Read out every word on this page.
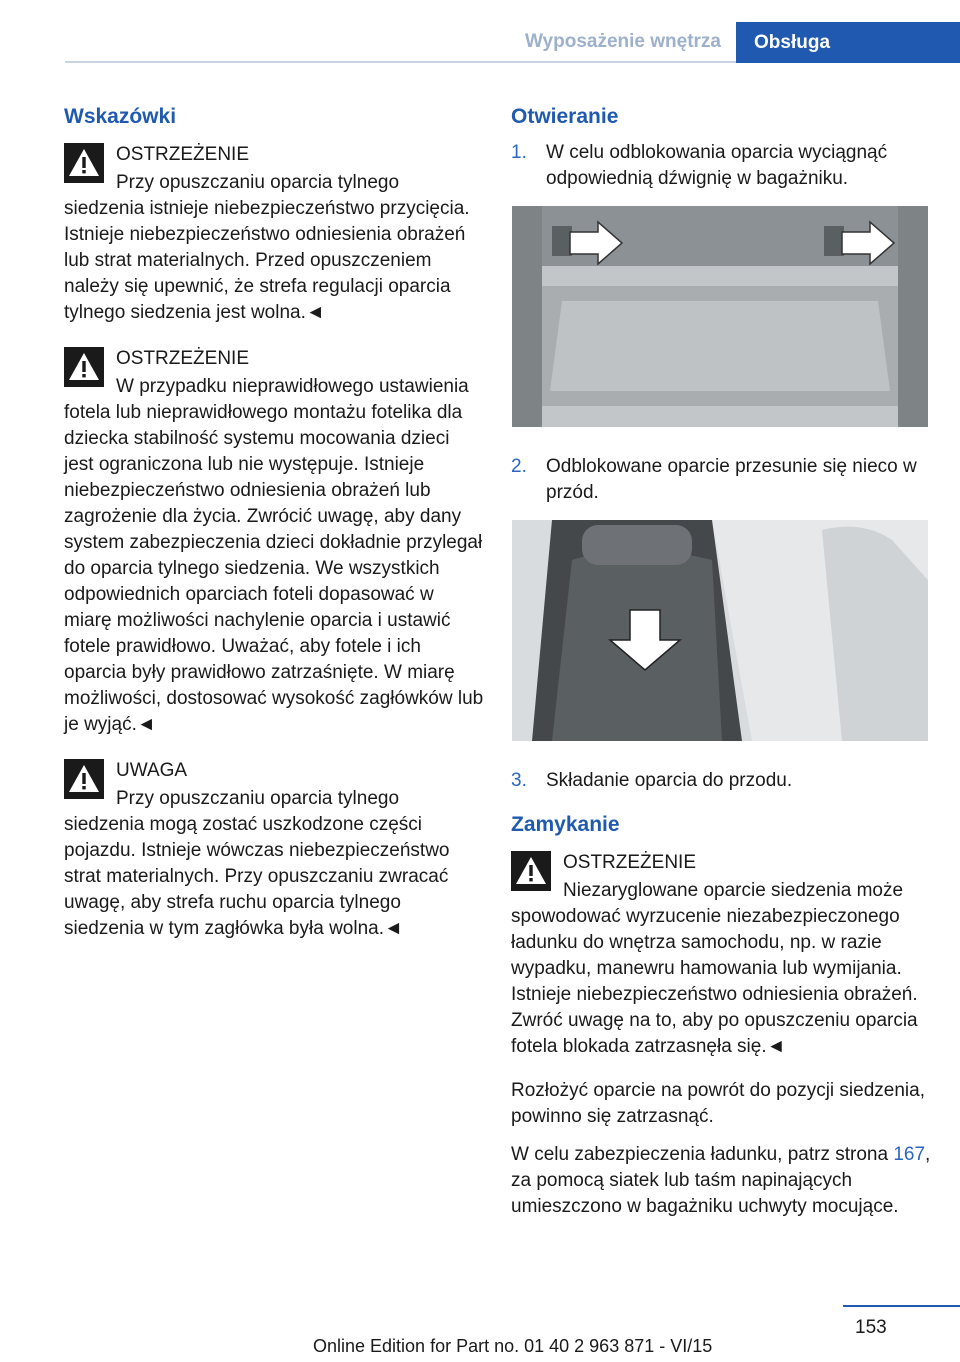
Wyposażenie wnętrza	Obsługa
Wskazówki
OSTRZEŻENIE

Przy opuszczaniu oparcia tylnego siedzenia istnieje niebezpieczeństwo przycięcia. Istnieje niebezpieczeństwo odniesienia obrażeń lub strat materialnych. Przed opuszczeniem należy się upewnić, że strefa regulacji oparcia tylnego siedzenia jest wolna.◄

OSTRZEŻENIE

W przypadku nieprawidłowego ustawienia fotela lub nieprawidłowego montażu fotelika dla dziecka stabilność systemu mocowania dzieci jest ograniczona lub nie występuje. Istnieje niebezpieczeństwo odniesienia obrażeń lub zagrożenie dla życia. Zwrócić uwagę, aby dany system zabezpieczenia dzieci dokładnie przylegał do oparcia tylnego siedzenia. We wszystkich odpowiednich oparciach foteli dopasować w miarę możliwości nachylenie oparcia i ustawić fotele prawidłowo. Uważać, aby fotele i ich oparcia były prawidłowo zatrzaśnięte. W miarę możliwości, dostosować wysokość zagłówków lub je wyjąć.◄

UWAGA

Przy opuszczaniu oparcia tylnego siedzenia mogą zostać uszkodzone części pojazdu. Istnieje wówczas niebezpieczeństwo strat materialnych. Przy opuszczaniu zwracać uwagę, aby strefa ruchu oparcia tylnego siedzenia w tym zagłówka była wolna.◄

Otwieranie
1. W celu odblokowania oparcia wyciągnąć odpowiednią dźwignię w bagażniku.
2. Odblokowane oparcie przesunie się nieco w przód.
3. Składanie oparcia do przodu.
Zamykanie
OSTRZEŻENIE

Niezaryglowane oparcie siedzenia może spowodować wyrzucenie niezabezpieczonego ładunku do wnętrza samochodu, np. w razie wypadku, manewru hamowania lub wymijania. Istnieje niebezpieczeństwo odniesienia obrażeń. Zwróć uwagę na to, aby po opuszczeniu oparcia fotela blokada zatrzasnęła się.◄

Rozłożyć oparcie na powrót do pozycji siedzenia, powinno się zatrzasnąć.

W celu zabezpieczenia ładunku, patrz strona 167, za pomocą siatek lub taśm napinających umieszczono w bagażniku uchwyty mocujące.

153
Online Edition for Part no. 01 40 2 963 871 - VI/15
